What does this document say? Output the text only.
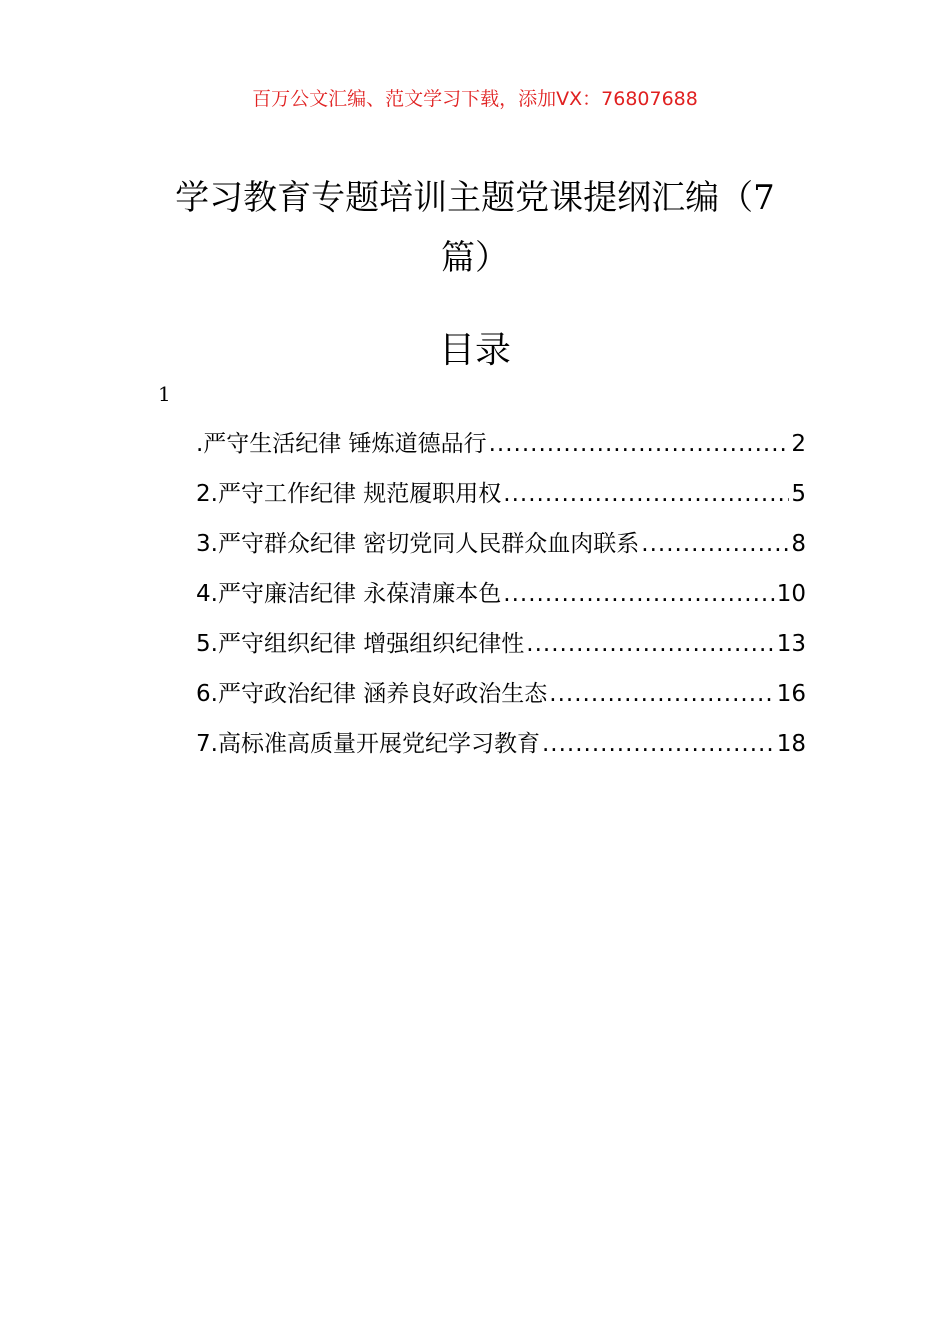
百万公文汇编、范文学习下载，添加VX：76807688
学习教育专题培训主题党课提纲汇编（7
篇）
目录
1
.严守生活纪律 锤炼道德品行 .....	2
2.严守工作纪律 规范履职用权 .....	5
3.严守群众纪律 密切党同人民群众血肉联系 .....	8
4.严守廉洁纪律 永葆清廉本色 .....	10
5.严守组织纪律 增强组织纪律性 .....	13
6.严守政治纪律 涵养良好政治生态 .....	16
7.高标准高质量开展党纪学习教育 .....	18
